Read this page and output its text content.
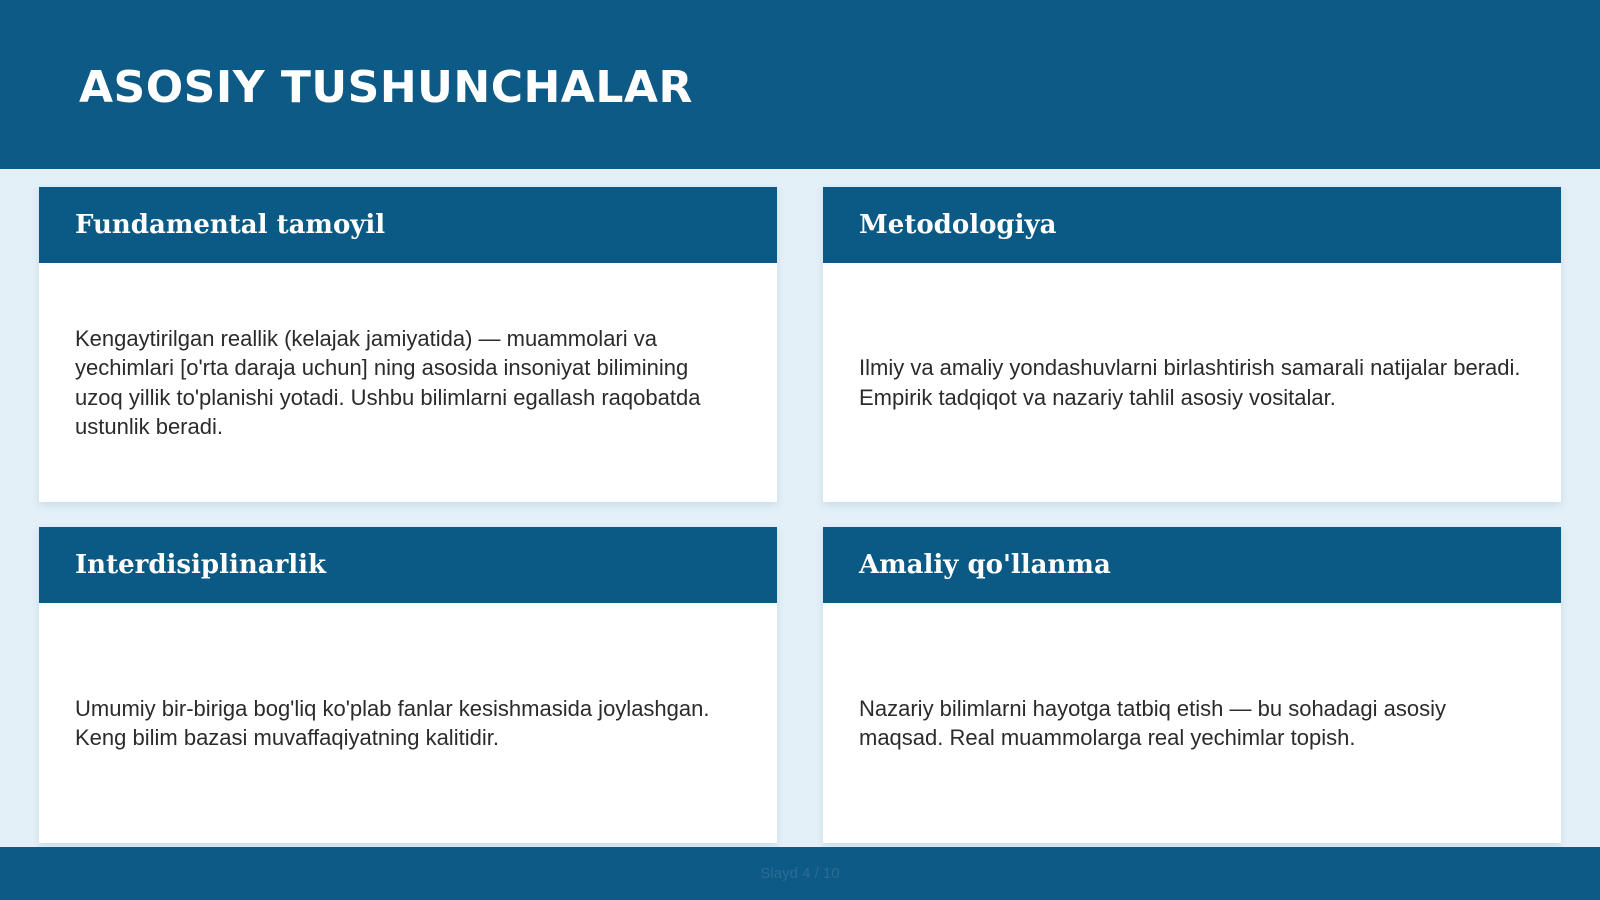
ASOSIY TUSHUNCHALAR
Fundamental tamoyil

Kengaytirilgan reallik (kelajak jamiyatida) — muammolari va yechimlari [o'rta daraja uchun] ning asosida insoniyat bilimining uzoq yillik to'planishi yotadi. Ushbu bilimlarni egallash raqobatda ustunlik beradi.

Metodologiya

Ilmiy va amaliy yondashuvlarni birlashtirish samarali natijalar beradi. Empirik tadqiqot va nazariy tahlil asosiy vositalar.

Interdisiplinarlik

Umumiy bir-biriga bog'liq ko'plab fanlar kesishmasida joylashgan. Keng bilim bazasi muvaffaqiyatning kalitidir.

Amaliy qo'llanma

Nazariy bilimlarni hayotga tatbiq etish — bu sohadagi asosiy maqsad. Real muammolarga real yechimlar topish.

Slayd 4 / 10
